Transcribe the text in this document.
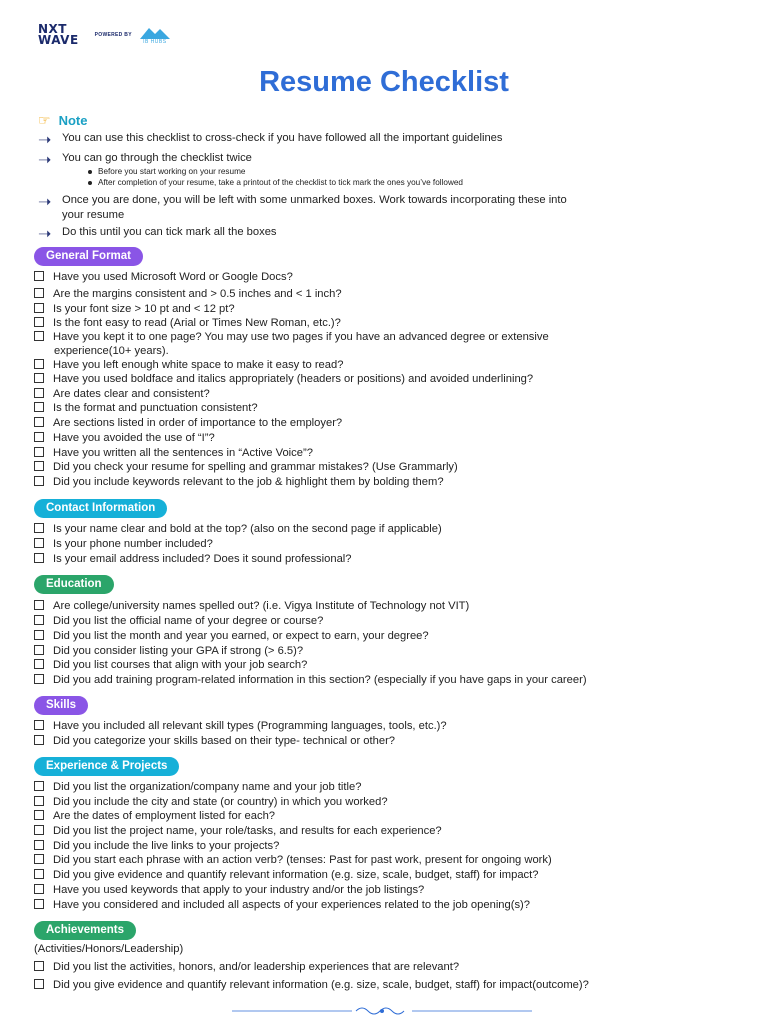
NXT
WAVE	POWERED BY
IB HUBS
Resume Checklist
☞ Note
➝ You can use this checklist to cross-check if you have followed all the important guidelines
➝ You can go through the checklist twice
Before you start working on your resume
After completion of your resume, take a printout of the checklist to tick mark the ones you’ve followed
➝ Once you are done, you will be left with some unmarked boxes. Work towards incorporating these into
your resume
➝ Do this until you can tick mark all the boxes
General Format
Have you used Microsoft Word or Google Docs?
Are the margins consistent and > 0.5 inches and < 1 inch?
Is your font size > 10 pt and < 12 pt?
Is the font easy to read (Arial or Times New Roman, etc.)?
Have you kept it to one page? You may use two pages if you have an advanced degree or extensive
experience(10+ years).
Have you left enough white space to make it easy to read?
Have you used boldface and italics appropriately (headers or positions) and avoided underlining?
Are dates clear and consistent?
Is the format and punctuation consistent?
Are sections listed in order of importance to the employer?
Have you avoided the use of “I”?
Have you written all the sentences in “Active Voice”?
Did you check your resume for spelling and grammar mistakes? (Use Grammarly)
Did you include keywords relevant to the job & highlight them by bolding them?
Contact Information
Is your name clear and bold at the top? (also on the second page if applicable)
Is your phone number included?
Is your email address included? Does it sound professional?
Education
Are college/university names spelled out? (i.e. Vigya Institute of Technology not VIT)
Did you list the official name of your degree or course?
Did you list the month and year you earned, or expect to earn, your degree?
Did you consider listing your GPA if strong (> 6.5)?
Did you list courses that align with your job search?
Did you add training program-related information in this section? (especially if you have gaps in your career)
Skills
Have you included all relevant skill types (Programming languages, tools, etc.)?
Did you categorize your skills based on their type- technical or other?
Experience & Projects
Did you list the organization/company name and your job title?
Did you include the city and state (or country) in which you worked?
Are the dates of employment listed for each?
Did you list the project name, your role/tasks, and results for each experience?
Did you include the live links to your projects?
Did you start each phrase with an action verb? (tenses: Past for past work, present for ongoing work)
Did you give evidence and quantify relevant information (e.g. size, scale, budget, staff) for impact?
Have you used keywords that apply to your industry and/or the job listings?
Have you considered and included all aspects of your experiences related to the job opening(s)?
Achievements
(Activities/Honors/Leadership)
Did you list the activities, honors, and/or leadership experiences that are relevant?
Did you give evidence and quantify relevant information (e.g. size, scale, budget, staff) for impact(outcome)?
